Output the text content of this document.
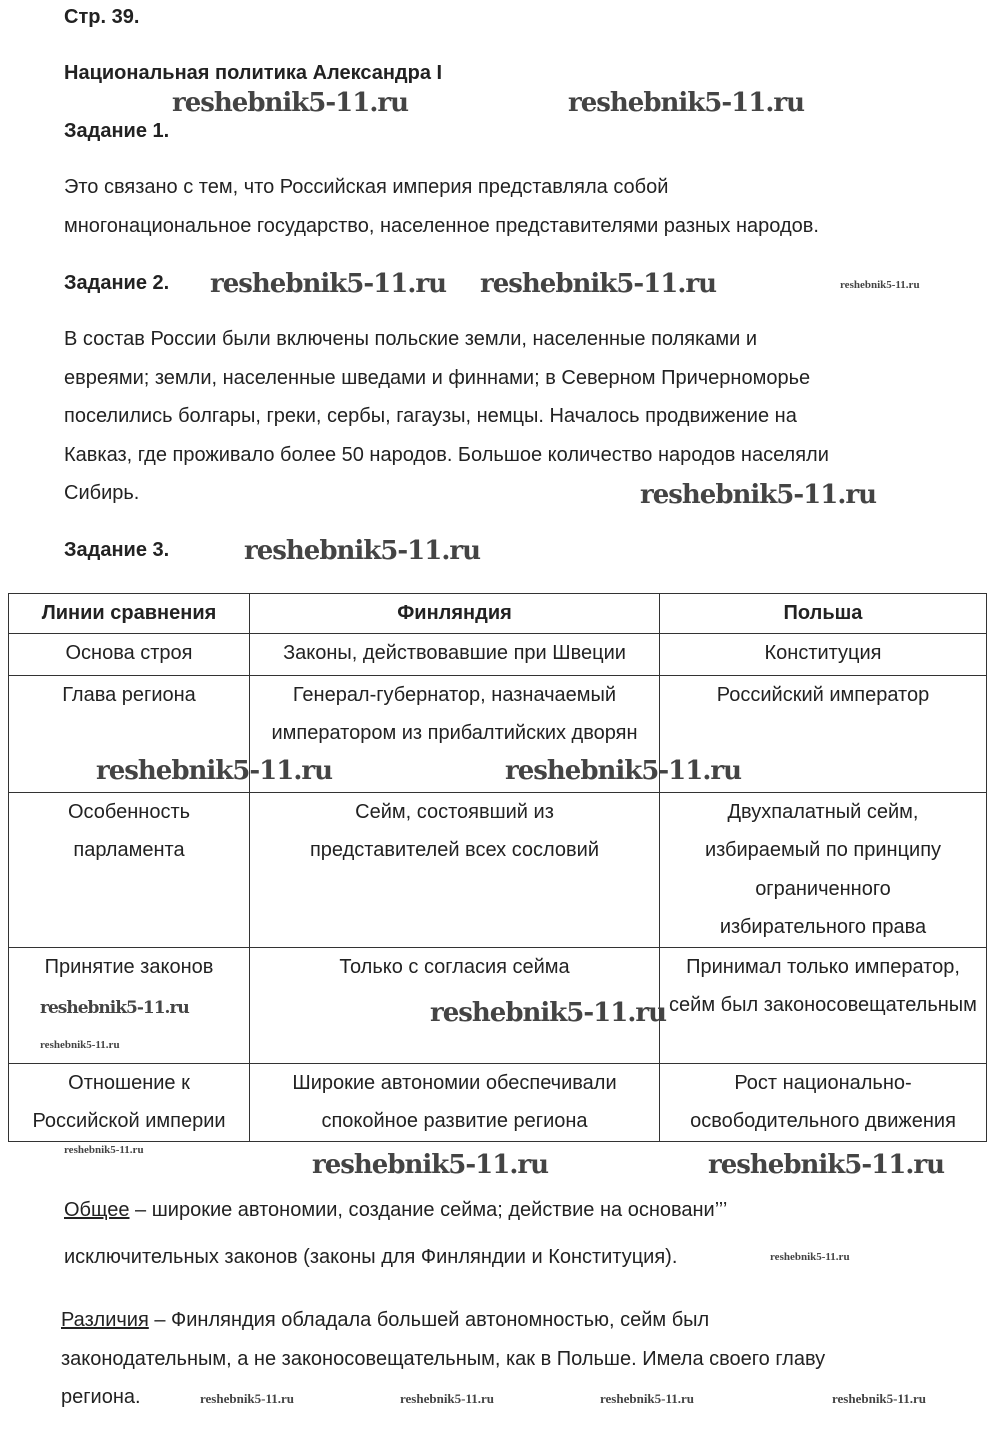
Стр. 39.
Национальная политика Александра I
Задание 1.
Это связано с тем, что Российская империя представляла собой
многонациональное государство, населенное представителями разных народов.
Задание 2.
В состав России были включены польские земли, населенные поляками и
евреями; земли, населенные шведами и финнами; в Северном Причерноморье
поселились болгары, греки, сербы, гагаузы, немцы. Началось продвижение на
Кавказ, где проживало более 50 народов. Большое количество народов населяли
Сибирь.
Задание 3.
Линии сравнения	Финляндия	Польша
Основа строя	Законы, действовавшие при Швеции	Конституция
Глава региона	Генерал-губернатор, назначаемый императором из прибалтийских дворян	Российский император
Особенность парламента	Сейм, состоявший из представителей всех сословий	Двухпалатный сейм, избираемый по принципу ограниченного избирательного права
Принятие законов	Только с согласия сейма	Принимал только император, сейм был законосовещательным
Отношение к Российской империи	Широкие автономии обеспечивали спокойное развитие региона	Рост национально-освободительного движения
Общее – широкие автономии, создание сейма; действие на основани’’’
исключительных законов (законы для Финляндии и Конституция).
Различия – Финляндия обладала большей автономностью, сейм был
законодательным, а не законосовещательным, как в Польше. Имела своего главу
региона.
reshebnik5-11.ru	reshebnik5-11.ru
reshebnik5-11.ru reshebnik5-11.ru	reshebnik5-11.ru
reshebnik5-11.ru
reshebnik5-11.ru
reshebnik5-11.ru
reshebnik5-11.ru
reshebnik5-11.ru
reshebnik5-11.ru
reshebnik5-11.ru
reshebnik5-11.ru	reshebnik5-11.ru	reshebnik5-11.ru
reshebnik5-11.ru
reshebnik5-11.ru	reshebnik5-11.ru	reshebnik5-11.ru	reshebnik5-11.ru
